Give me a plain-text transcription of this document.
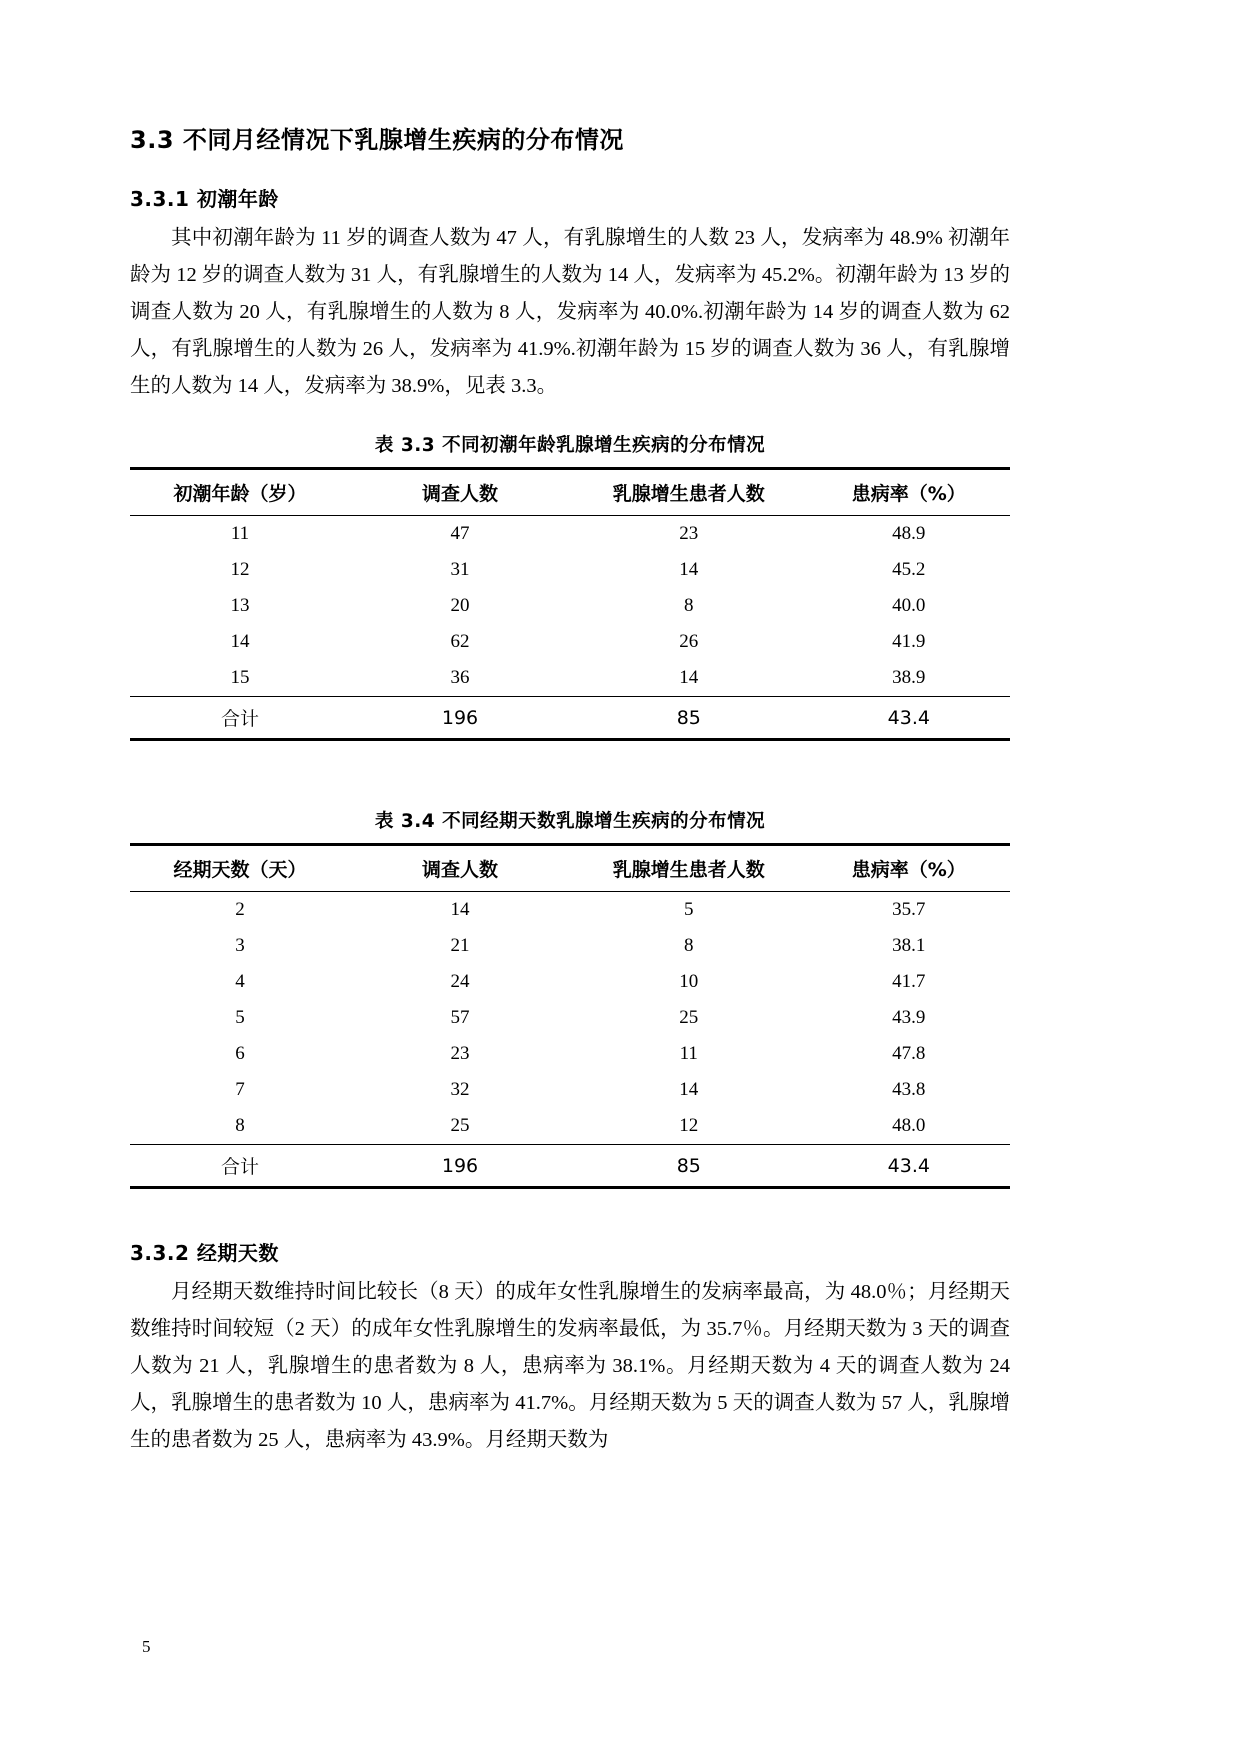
3.3 不同月经情况下乳腺增生疾病的分布情况
3.3.1 初潮年龄

其中初潮年龄为 11 岁的调查人数为 47 人，有乳腺增生的人数 23 人，发病率为 48.9% 初潮年龄为 12 岁的调查人数为 31 人，有乳腺增生的人数为 14 人，发病率为 45.2%。初潮年龄为 13 岁的调查人数为 20 人，有乳腺增生的人数为 8 人，发病率为 40.0%.初潮年龄为 14 岁的调查人数为 62 人，有乳腺增生的人数为 26 人，发病率为 41.9%.初潮年龄为 15 岁的调查人数为 36 人，有乳腺增生的人数为 14 人，发病率为 38.9%，见表 3.3。

表 3.3 不同初潮年龄乳腺增生疾病的分布情况
初潮年龄（岁）	调查人数	乳腺增生患者人数	患病率（%）
11	47	23	48.9
12	31	14	45.2
13	20	8	40.0
14	62	26	41.9
15	36	14	38.9
合计	196	85	43.4
表 3.4 不同经期天数乳腺增生疾病的分布情况
经期天数（天）	调查人数	乳腺增生患者人数	患病率（%）
2	14	5	35.7
3	21	8	38.1
4	24	10	41.7
5	57	25	43.9
6	23	11	47.8
7	32	14	43.8
8	25	12	48.0
合计	196	85	43.4
3.3.2 经期天数

月经期天数维持时间比较长（8 天）的成年女性乳腺增生的发病率最高，为 48.0％；月经期天数维持时间较短（2 天）的成年女性乳腺增生的发病率最低，为 35.7％。月经期天数为 3 天的调查人数为 21 人，乳腺增生的患者数为 8 人，患病率为 38.1%。月经期天数为 4 天的调查人数为 24 人，乳腺增生的患者数为 10 人，患病率为 41.7%。月经期天数为 5 天的调查人数为 57 人，乳腺增生的患者数为 25 人，患病率为 43.9%。月经期天数为

5
